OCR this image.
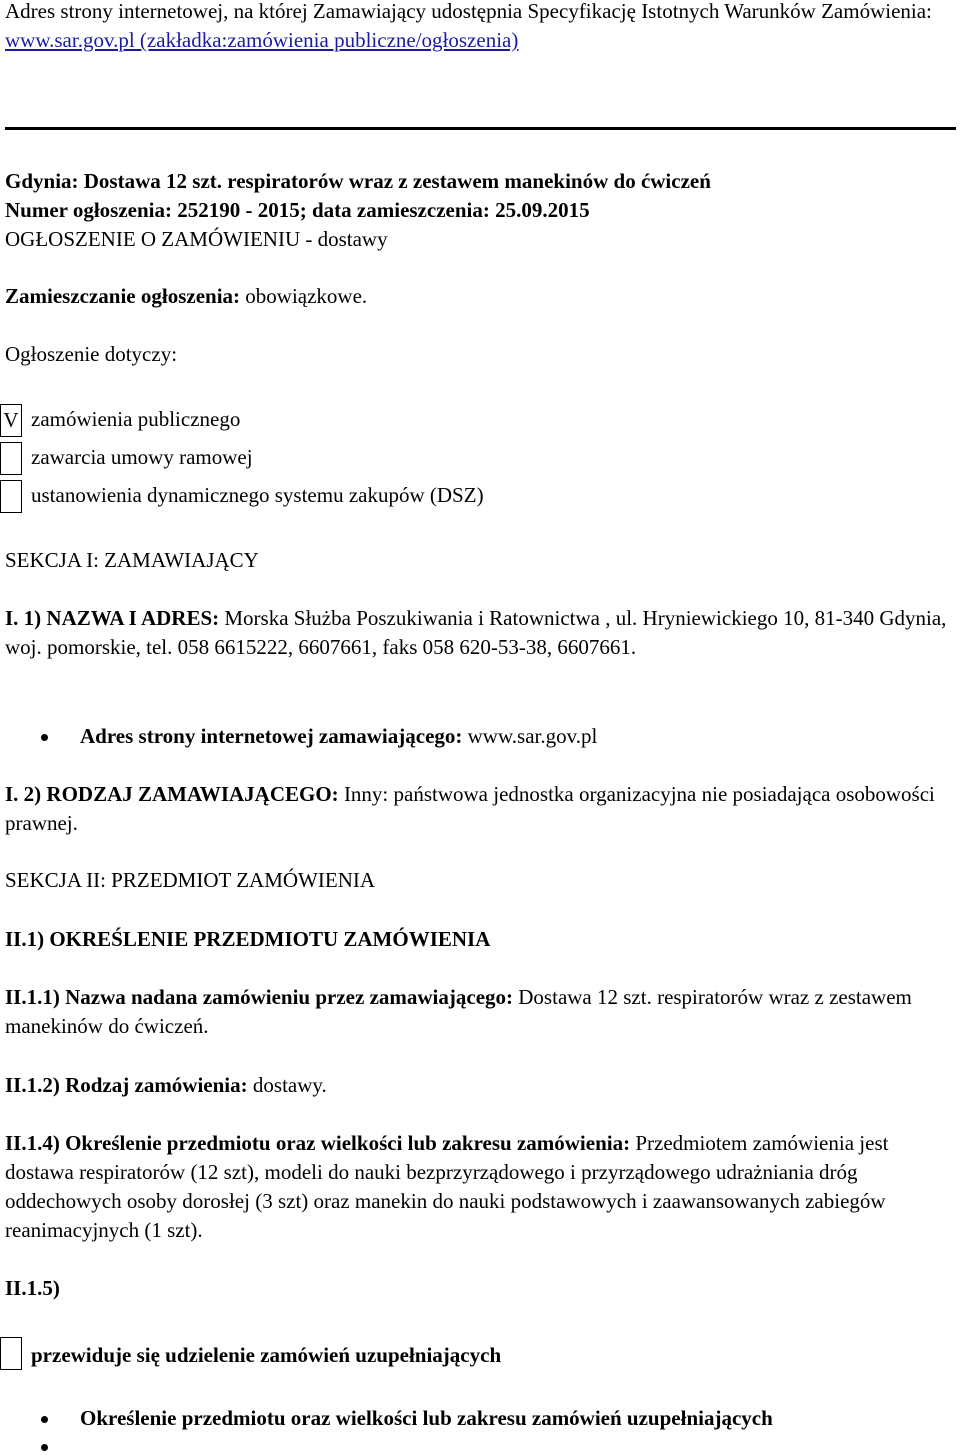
Adres strony internetowej, na której Zamawiający udostępnia Specyfikację Istotnych Warunków Zamówienia:
www.sar.gov.pl (zakładka:zamówienia publiczne/ogłoszenia)

Gdynia: Dostawa 12 szt. respiratorów wraz z zestawem manekinów do ćwiczeń

Numer ogłoszenia: 252190 - 2015; data zamieszczenia: 25.09.2015

OGŁOSZENIE O ZAMÓWIENIU - dostawy

Zamieszczanie ogłoszenia: obowiązkowe.

Ogłoszenie dotyczy:

V zamówienia publicznego
zawarcia umowy ramowej
ustanowienia dynamicznego systemu zakupów (DSZ)

SEKCJA I: ZAMAWIAJĄCY

I. 1) NAZWA I ADRES: Morska Służba Poszukiwania i Ratownictwa , ul. Hryniewickiego 10, 81-340 Gdynia, woj. pomorskie, tel. 058 6615222, 6607661, faks 058 620-53-38, 6607661.

Adres strony internetowej zamawiającego: www.sar.gov.pl

I. 2) RODZAJ ZAMAWIAJĄCEGO: Inny: państwowa jednostka organizacyjna nie posiadająca osobowości prawnej.

SEKCJA II: PRZEDMIOT ZAMÓWIENIA

II.1) OKREŚLENIE PRZEDMIOTU ZAMÓWIENIA

II.1.1) Nazwa nadana zamówieniu przez zamawiającego: Dostawa 12 szt. respiratorów wraz z zestawem manekinów do ćwiczeń.

II.1.2) Rodzaj zamówienia: dostawy.

II.1.4) Określenie przedmiotu oraz wielkości lub zakresu zamówienia: Przedmiotem zamówienia jest dostawa respiratorów (12 szt), modeli do nauki bezprzyrządowego i przyrządowego udrażniania dróg oddechowych osoby dorosłej (3 szt) oraz manekin do nauki podstawowych i zaawansowanych zabiegów reanimacyjnych (1 szt).

II.1.5)

przewiduje się udzielenie zamówień uzupełniających

Określenie przedmiotu oraz wielkości lub zakresu zamówień uzupełniających
